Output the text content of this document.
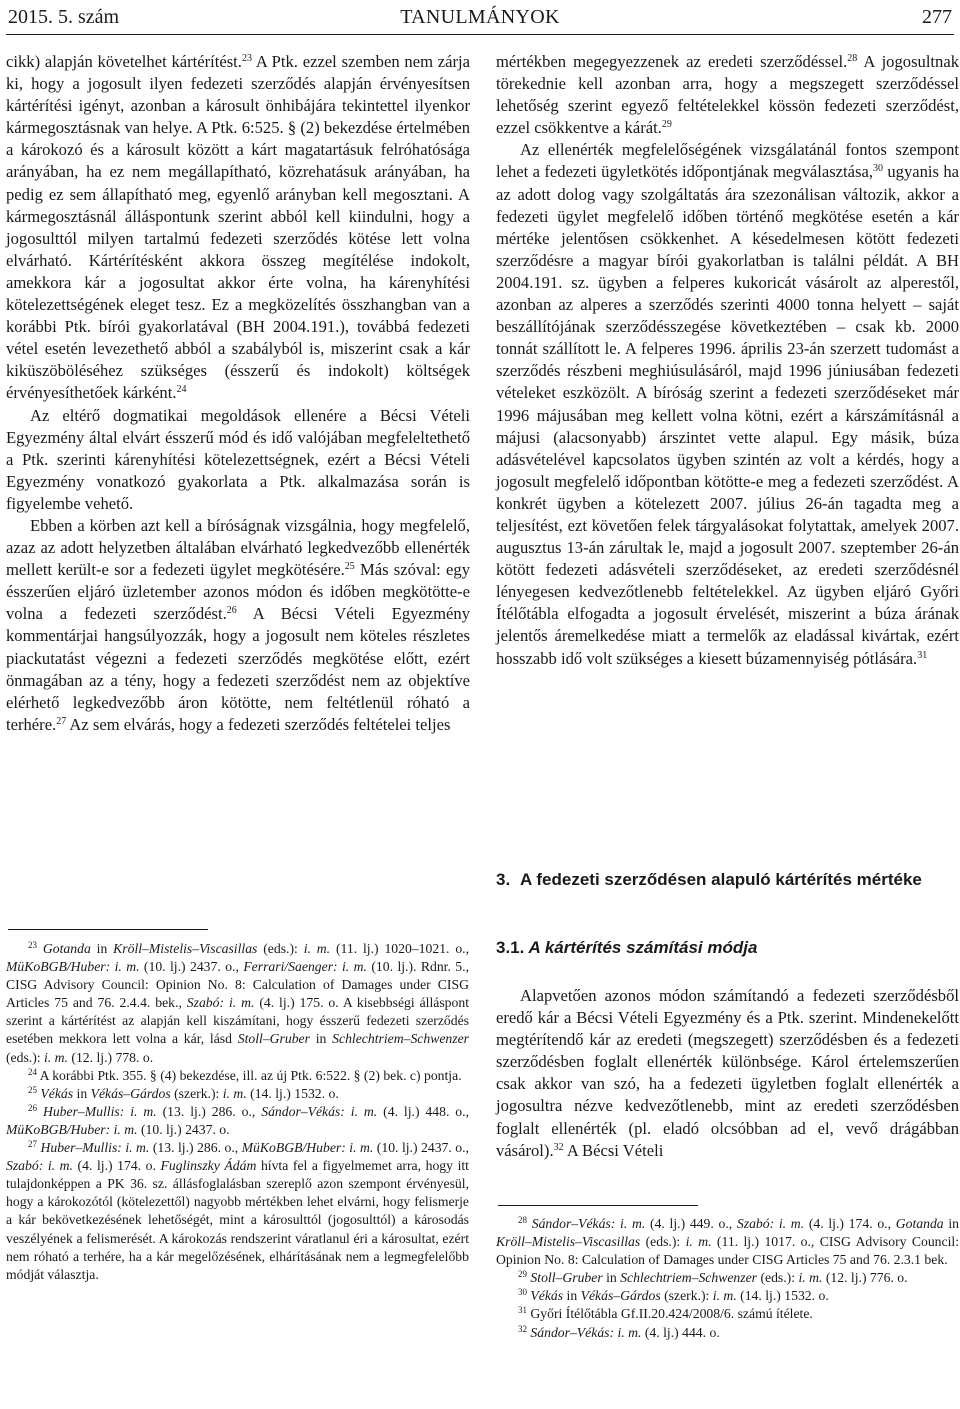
2015. 5. szám	TANULMÁNYOK	277

cikk) alapján követelhet kártérítést.$^{23}$ A Ptk. ezzel szemben nem zárja ki, hogy a jogosult ilyen fedezeti szerződés alapján érvényesítsen kártérítési igényt, azonban a károsult önhibájára tekintettel ilyenkor kármegosztásnak van helye. A Ptk. 6:525. § (2) bekezdése értelmében a károkozó és a károsult között a kárt magatartásuk felróhatósága arányában, ha ez nem megállapítható, közrehatásuk arányában, ha pedig ez sem állapítható meg, egyenlő arányban kell megosztani. A kármegosztásnál álláspontunk szerint abból kell kiindulni, hogy a jogosulttól milyen tartalmú fedezeti szerződés kötése lett volna elvárható. Kártérítésként akkora összeg megítélése indokolt, amekkora kár a jogosultat akkor érte volna, ha kárenyhítési kötelezettségének eleget tesz. Ez a megközelítés összhangban van a korábbi Ptk. bírói gyakorlatával (BH 2004.191.), továbbá fedezeti vétel esetén levezethető abból a szabályból is, miszerint csak a kár kiküszöböléséhez szükséges (ésszerű és indokolt) költségek érvényesíthetőek kárként.$^{24}$

Az eltérő dogmatikai megoldások ellenére a Bécsi Vételi Egyezmény által elvárt ésszerű mód és idő valójában megfeleltethető a Ptk. szerinti kárenyhítési kötelezettségnek, ezért a Bécsi Vételi Egyezmény vonatkozó gyakorlata a Ptk. alkalmazása során is figyelembe vehető.

Ebben a körben azt kell a bíróságnak vizsgálnia, hogy megfelelő, azaz az adott helyzetben általában elvárható legkedvezőbb ellenérték mellett került-e sor a fedezeti ügylet megkötésére.$^{25}$ Más szóval: egy ésszerűen eljáró üzletember azonos módon és időben megkötötte-e volna a fedezeti szerződést.$^{26}$ A Bécsi Vételi Egyezmény kommentárjai hangsúlyozzák, hogy a jogosult nem köteles részletes piackutatást végezni a fedezeti szerződés megkötése előtt, ezért önmagában az a tény, hogy a fedezeti szerződést nem az objektíve elérhető legkedvezőbb áron kötötte, nem feltétlenül róható a terhére.$^{27}$ Az sem elvárás, hogy a fedezeti szerződés feltételei teljes

$^{23}$ Gotanda in Kröll–Mistelis–Viscasillas (eds.): i. m. (11. lj.) 1020–1021. o., MüKoBGB/Huber: i. m. (10. lj.) 2437. o., Ferrari/Saenger: i. m. (10. lj.). Rdnr. 5., CISG Advisory Council: Opinion No. 8: Calculation of Damages under CISG Articles 75 and 76. 2.4.4. bek., Szabó: i. m. (4. lj.) 175. o. A kisebbségi álláspont szerint a kártérítést az alapján kell kiszámítani, hogy ésszerű fedezeti szerződés esetében mekkora lett volna a kár, lásd Stoll–Gruber in Schlechtriem–Schwenzer (eds.): i. m. (12. lj.) 778. o.

$^{24}$ A korábbi Ptk. 355. § (4) bekezdése, ill. az új Ptk. 6:522. § (2) bek. c) pontja.

$^{25}$ Vékás in Vékás–Gárdos (szerk.): i. m. (14. lj.) 1532. o.

$^{26}$ Huber–Mullis: i. m. (13. lj.) 286. o., Sándor–Vékás: i. m. (4. lj.) 448. o., MüKoBGB/Huber: i. m. (10. lj.) 2437. o.

$^{27}$ Huber–Mullis: i. m. (13. lj.) 286. o., MüKoBGB/Huber: i. m. (10. lj.) 2437. o., Szabó: i. m. (4. lj.) 174. o. Fuglinszky Ádám hívta fel a figyelmemet arra, hogy itt tulajdonképpen a PK 36. sz. állásfoglalásban szereplő azon szempont érvényesül, hogy a károkozótól (kötelezettől) nagyobb mértékben lehet elvárni, hogy felismerje a kár bekövetkezésének lehetőségét, mint a károsulttól (jogosulttól) a károsodás veszélyének a felismerését. A károkozás rendszerint váratlanul éri a károsultat, ezért nem róható a terhére, ha a kár megelőzésének, elhárításának nem a legmegfelelőbb módját választja.

mértékben megegyezzenek az eredeti szerződéssel.$^{28}$ A jogosultnak törekednie kell azonban arra, hogy a megszegett szerződéssel lehetőség szerint egyező feltételekkel kössön fedezeti szerződést, ezzel csökkentve a kárát.$^{29}$

Az ellenérték megfelelőségének vizsgálatánál fontos szempont lehet a fedezeti ügyletkötés időpontjának megválasztása,$^{30}$ ugyanis ha az adott dolog vagy szolgáltatás ára szezonálisan változik, akkor a fedezeti ügylet megfelelő időben történő megkötése esetén a kár mértéke jelentősen csökkenhet. A késedelmesen kötött fedezeti szerződésre a magyar bírói gyakorlatban is találni példát. A BH 2004.191. sz. ügyben a felperes kukoricát vásárolt az alperestől, azonban az alperes a szerződés szerinti 4000 tonna helyett – saját beszállítójának szerződésszegése következtében – csak kb. 2000 tonnát szállított le. A felperes 1996. április 23-án szerzett tudomást a szerződés részbeni meghiúsulásáról, majd 1996 júniusában fedezeti vételeket eszközölt. A bíróság szerint a fedezeti szerződéseket már 1996 májusában meg kellett volna kötni, ezért a kárszámításnál a májusi (alacsonyabb) árszintet vette alapul. Egy másik, búza adásvételével kapcsolatos ügyben szintén az volt a kérdés, hogy a jogosult megfelelő időpontban kötötte-e meg a fedezeti szerződést. A konkrét ügyben a kötelezett 2007. július 26-án tagadta meg a teljesítést, ezt követően felek tárgyalásokat folytattak, amelyek 2007. augusztus 13-án zárultak le, majd a jogosult 2007. szeptember 26-án kötött fedezeti adásvételi szerződéseket, az eredeti szerződésnél lényegesen kedvezőtlenebb feltételekkel. Az ügyben eljáró Győri Ítélőtábla elfogadta a jogosult érvelését, miszerint a búza árának jelentős áremelkedése miatt a termelők az eladással kivártak, ezért hosszabb idő volt szükséges a kiesett búzamennyiség pótlására.$^{31}$

3. A fedezeti szerződésen alapuló kártérítés mértéke
3.1. A kártérítés számítási módja

Alapvetően azonos módon számítandó a fedezeti szerződésből eredő kár a Bécsi Vételi Egyezmény és a Ptk. szerint. Mindenekelőtt megtérítendő kár az eredeti (megszegett) szerződésben és a fedezeti szerződésben foglalt ellenérték különbsége. Károl értelemszerűen csak akkor van szó, ha a fedezeti ügyletben foglalt ellenérték a jogosultra nézve kedvezőtlenebb, mint az eredeti szerződésben foglalt ellenérték (pl. eladó olcsóbban ad el, vevő drágábban vásárol).$^{32}$ A Bécsi Vételi

$^{28}$ Sándor–Vékás: i. m. (4. lj.) 449. o., Szabó: i. m. (4. lj.) 174. o., Gotanda in Kröll–Mistelis–Viscasillas (eds.): i. m. (11. lj.) 1017. o., CISG Advisory Council: Opinion No. 8: Calculation of Damages under CISG Articles 75 and 76. 2.3.1 bek.

$^{29}$ Stoll–Gruber in Schlechtriem–Schwenzer (eds.): i. m. (12. lj.) 776. o.

$^{30}$ Vékás in Vékás–Gárdos (szerk.): i. m. (14. lj.) 1532. o.

$^{31}$ Győri Ítélőtábla Gf.II.20.424/2008/6. számú ítélete.

$^{32}$ Sándor–Vékás: i. m. (4. lj.) 444. o.
